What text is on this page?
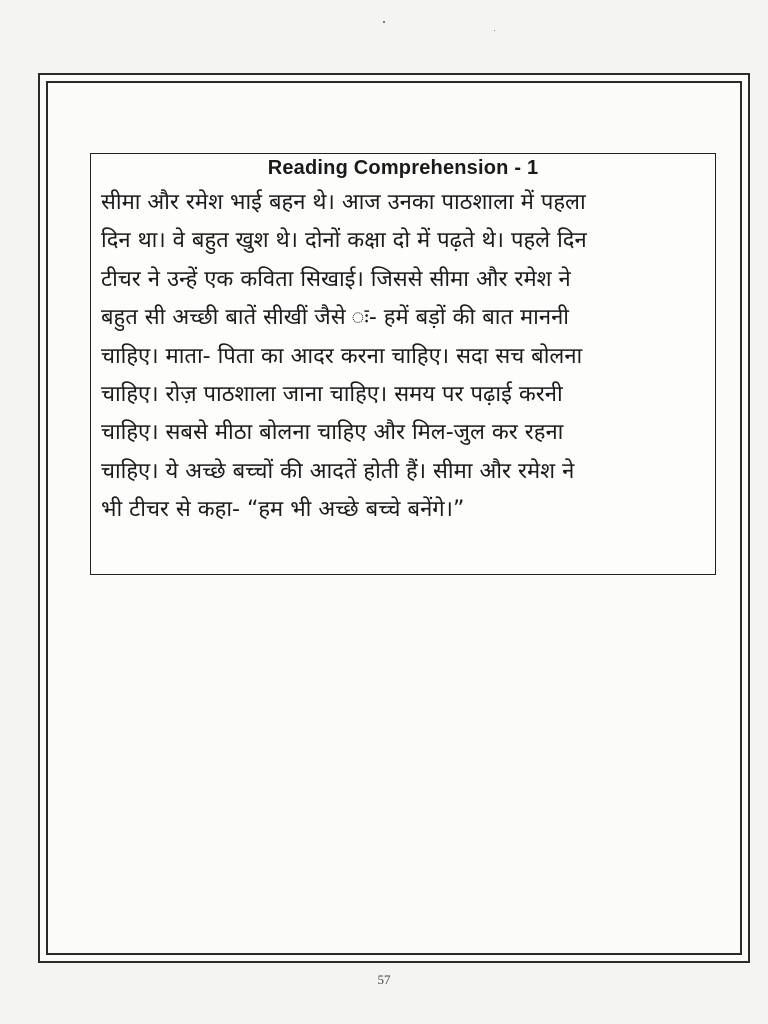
Reading Comprehension - 1
सीमा और रमेश भाई बहन थे। आज उनका पाठशाला में पहला
दिन था। वे बहुत खुश थे। दोनों कक्षा दो में पढ़ते थे। पहले दिन
टीचर ने उन्हें एक कविता सिखाई। जिससे सीमा और रमेश ने
बहुत सी अच्छी बातें सीखीं जैसे ः- हमें बड़ों की बात माननी
चाहिए। माता- पिता का आदर करना चाहिए। सदा सच बोलना
चाहिए। रोज़ पाठशाला जाना चाहिए। समय पर पढ़ाई करनी
चाहिए। सबसे मीठा बोलना चाहिए और मिल-जुल कर रहना
चाहिए। ये अच्छे बच्चों की आदतें होती हैं। सीमा और रमेश ने
भी टीचर से कहा- “हम भी अच्छे बच्चे बनेंगे।”
57
